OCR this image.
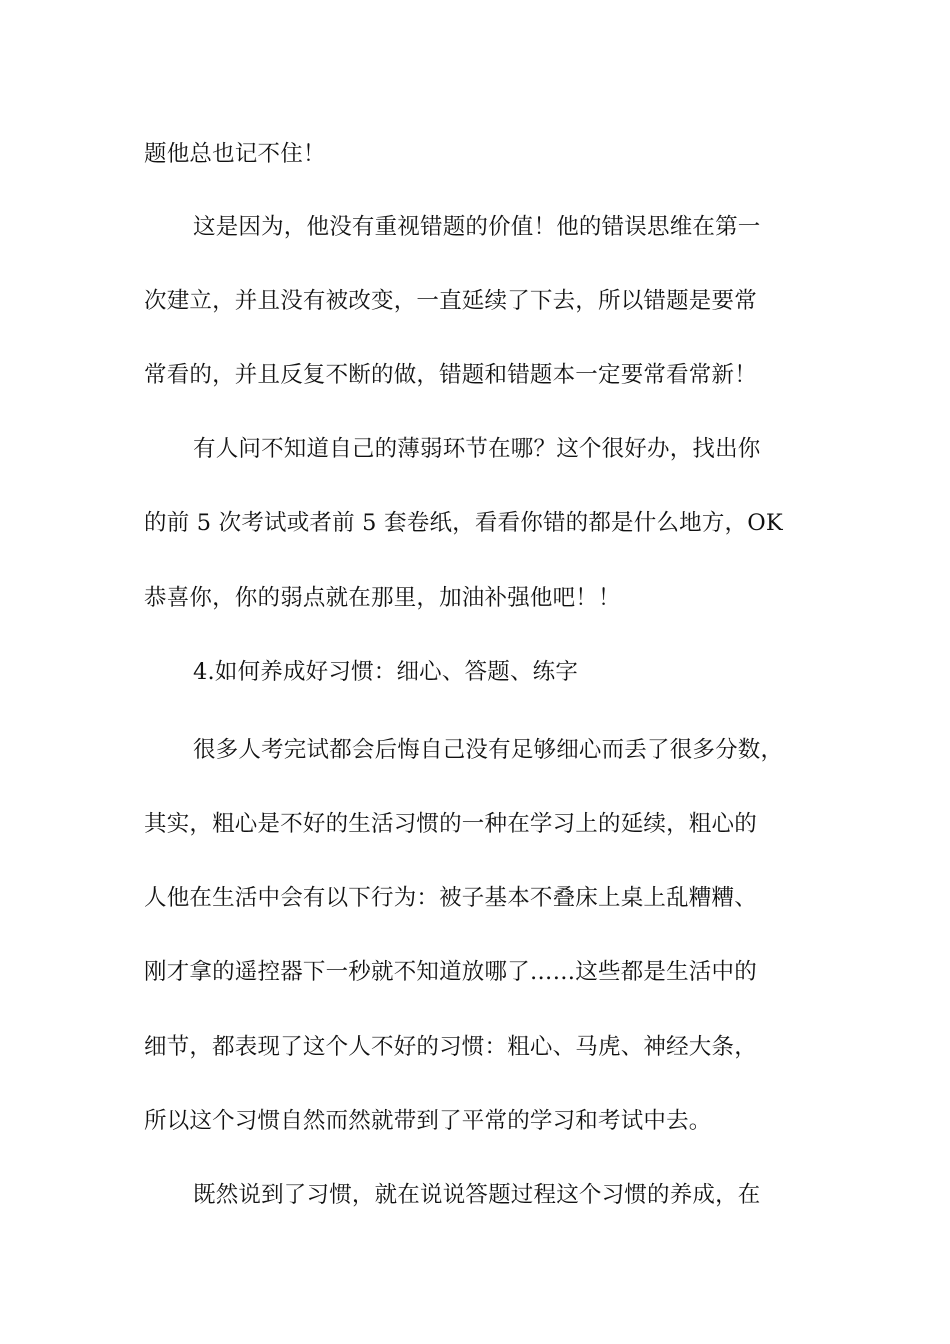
题他总也记不住！
这是因为，他没有重视错题的价值！他的错误思维在第一
次建立，并且没有被改变，一直延续了下去，所以错题是要常
常看的，并且反复不断的做，错题和错题本一定要常看常新！
有人问不知道自己的薄弱环节在哪？这个很好办，找出你
的前 5 次考试或者前 5 套卷纸，看看你错的都是什么地方，OK
恭喜你，你的弱点就在那里，加油补强他吧！！
4.如何养成好习惯：细心、答题、练字
很多人考完试都会后悔自己没有足够细心而丢了很多分数，
其实，粗心是不好的生活习惯的一种在学习上的延续，粗心的
人他在生活中会有以下行为：被子基本不叠床上桌上乱糟糟、
刚才拿的遥控器下一秒就不知道放哪了……这些都是生活中的
细节，都表现了这个人不好的习惯：粗心、马虎、神经大条，
所以这个习惯自然而然就带到了平常的学习和考试中去。
既然说到了习惯，就在说说答题过程这个习惯的养成，在
